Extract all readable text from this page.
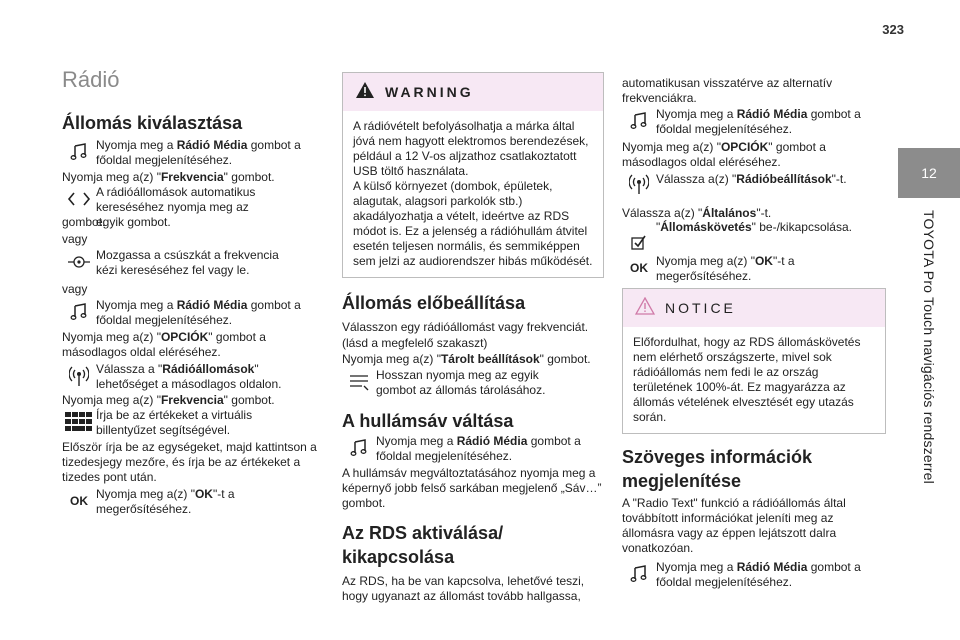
323
12
TOYOTA Pro Touch navigációs rendszerrel
Rádió
Állomás kiválasztása
Nyomja meg a Rádió Média gombot a főoldal megjelenítéséhez.

Nyomja meg a(z) "Frekvencia" gombot.

A rádióállomások automatikus kereséséhez nyomja meg az egyik gombot.

gombot.

vagy

Mozgassa a csúszkát a frekvencia kézi kereséséhez fel vagy le.

vagy

Nyomja meg a Rádió Média gombot a főoldal megjelenítéséhez.

Nyomja meg a(z) "OPCIÓK" gombot a másodlagos oldal eléréséhez.

Válassza a "Rádióállomások" lehetőséget a másodlagos oldalon.

Nyomja meg a(z) "Frekvencia" gombot.

Írja be az értékeket a virtuális billentyűzet segítségével.

Először írja be az egységeket, majd kattintson a tizedesjegy mezőre, és írja be az értékeket a tizedes pont után.

OK Nyomja meg a(z) "OK"-t a megerősítéséhez.
WARNING
A rádióvételt befolyásolhatja a márka által jóvá nem hagyott elektromos berendezések, például a 12 V-os aljzathoz csatlakoztatott USB töltő használata.
A külső környezet (dombok, épületek, alagutak, alagsori parkolók stb.) akadályozhatja a vételt, ideértve az RDS módot is. Ez a jelenség a rádióhullám átvitel esetén teljesen normális, és semmiképpen sem jelzi az audiorendszer hibás működését.
Állomás előbeállítása

Válasszon egy rádióállomást vagy frekvenciát.

(lásd a megfelelő szakaszt)

Nyomja meg a(z) "Tárolt beállítások" gombot.

Hosszan nyomja meg az egyik gombot az állomás tárolásához.
A hullámsáv váltása
Nyomja meg a Rádió Média gombot a főoldal megjelenítéséhez.

A hullámsáv megváltoztatásához nyomja meg a képernyő jobb felső sarkában megjelenő „Sáv…” gombot.

Az RDS aktiválása/
kikapcsolása

Az RDS, ha be van kapcsolva, lehetővé teszi, hogy ugyanazt az állomást tovább hallgassa,

automatikusan visszatérve az alternatív frekvenciákra.

Nyomja meg a Rádió Média gombot a főoldal megjelenítéséhez.

Nyomja meg a(z) "OPCIÓK" gombot a másodlagos oldal eléréséhez.

Válassza a(z) "Rádióbeállítások"-t.

Válassza a(z) "Általános"-t.

"Állomáskövetés" be-/kikapcsolása.
OK Nyomja meg a(z) "OK"-t a megerősítéséhez.
NOTICE
Előfordulhat, hogy az RDS állomáskövetés nem elérhető országszerte, mivel sok rádióállomás nem fedi le az ország területének 100%-át. Ez magyarázza az állomás vételének elvesztését egy utazás során.
Szöveges információk
megjelenítése

A "Radio Text" funkció a rádióállomás által továbbított információkat jeleníti meg az állomásra vagy az éppen lejátszott dalra vonatkozóan.

Nyomja meg a Rádió Média gombot a főoldal megjelenítéséhez.
